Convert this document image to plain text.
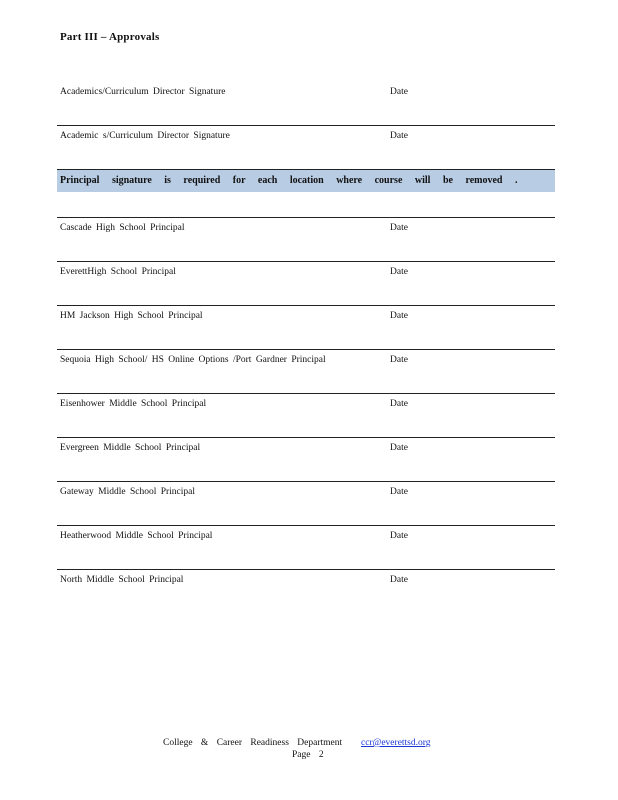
Part III – Approvals
Academics/Curriculum Director Signature	Date
Academic s/Curriculum Director Signature	Date
Principal signature is required for each location where course will be removed .
Cascade High School Principal	Date
EverettHigh School Principal	Date
HM Jackson High School Principal	Date
Sequoia High School/ HS Online Options /Port Gardner Principal	Date
Eisenhower Middle School Principal	Date
Evergreen Middle School Principal	Date
Gateway Middle School Principal	Date
Heatherwood Middle School Principal	Date
North Middle School Principal	Date
College & Career Readiness Department ccr@everettsd.org
Page 2
